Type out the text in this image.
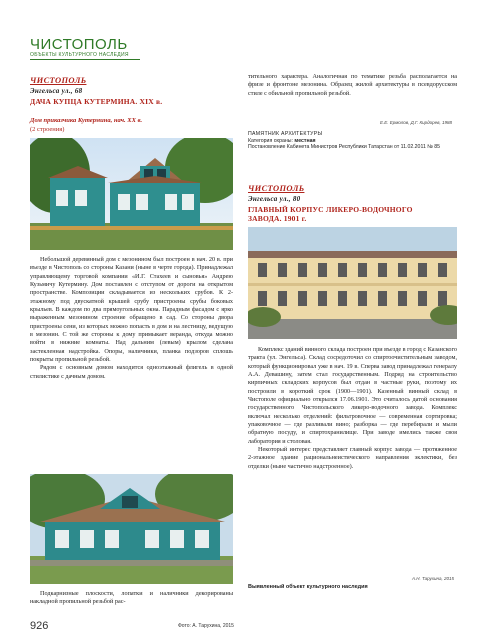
ЧИСТОПОЛЬ
ОБЪЕКТЫ КУЛЬТУРНОГО НАСЛЕДИЯ
ЧИСТОПОЛЬ
Энгельса ул., 68
ДАЧА КУПЦА КУТЕРМИНА. XIX в.
Дом приказчика Кутермина, нач. ХХ в.
(2 строения)

Небольшой деревянный дом с мезонином был построен в нач. 20 в. при въезде в Чистополь со стороны Казани (ныне в черте города). Принадлежал управляющему торговой компании «И.Г. Стахеев и сыновья» Андрею Кузьмичу Кутермину. Дом поставлен с отступом от дороги на открытом пространстве. Композиции складывается из нескольких срубов. К 2-этажному под двускатной крышей срубу пристроены срубы боковых крыльев. В каждом по два прямоугольных окна. Парадным фасадом с ярко выраженным мезонином строение обращено в сад. Со стороны двора пристроены сени, из которых можно попасть в дом и на лестницу, ведущую в мезонин. С той же стороны к дому примыкает веранда, откуда можно войти в нижние комнаты. Над дальним (левым) крылом сделана застекленная надстройка. Опоры, наличники, планка подзоров сплошь покрыты пропильной резьбой.

Рядом с основным домом находится одноэтажный флигель в одной стилистике с дачным домом.

Подкарнизные плоскости, лопатки и наличники декорированы накладной пропильной резьбой рас-

тительного характера. Аналогичная по тематике резьба располагается на фризе и фронтоне мезонина. Образец жилой архитектуры в псевдорусском стиле с обильной пропильной резьбой.

Е.Е. Ермолов, Д.Г. Кирдорев, 1988
ПАМЯТНИК АРХИТЕКТУРЫ
Категория охраны: местная
Постановление Кабинета Министров Республики Татарстан от 11.02.2011 № 85
ЧИСТОПОЛЬ
Энгельса ул., 80
ГЛАВНЫЙ КОРПУС ЛИКЕРО-ВОДОЧНОГО
ЗАВОДА. 1901 г.

Комплекс зданий винного склада построен при въезде в город с Казанского тракта (ул. Энгельса). Склад сосредоточил со спиртоочистительным заводом, который функционировал уже в нач. 19 в. Сперва завод принадлежал генералу А.А. Девашину, затем стал государственным. Подряд на строительство кирпичных складских корпусов был отдан в частные руки, поэтому их построили в короткий срок (1900—1901). Казенный винный склад в Чистополе официально открылся 17.06.1901. Это считалось датой основания государственного Чистопольского ликеро-водочного завода. Комплекс включал несколько отделений: фильтровочное — современная сортировка; упаковочное — где разливали вино; разборка — где перебирали и мыли обратную посуду, и спиртохранилище. При заводе имелись также своя лаборатория и столовая.

Некоторый интерес представляет главный корпус завода — протяженное 2-этажное здание рациональнеистического направления эклектики, без отделки (ныне частично надстроенное).

А.Н. Тарухина, 2015
Выявленный объект культурного наследия
926	Фото: А. Тарухина, 2015
